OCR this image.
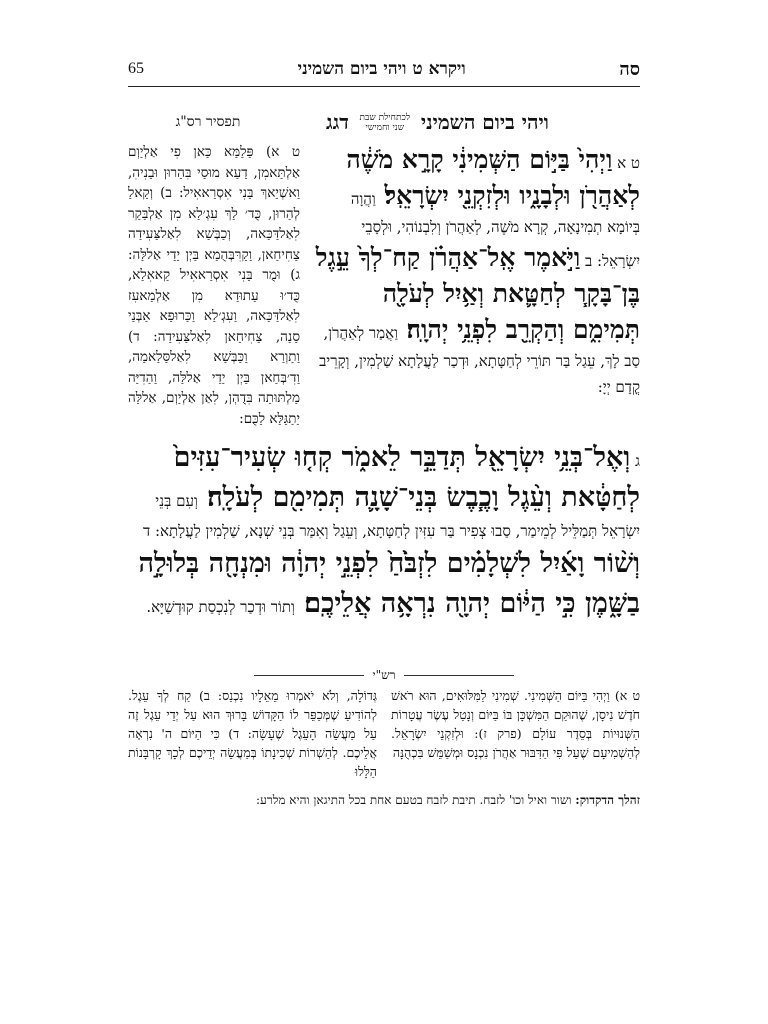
65	ויקרא ט ויהי ביום השמיני	סה
תפסיר רס"ג	דגג	לכתחילת שבת שני וחמישי ויהי ביום השמיני
ט א) פַּלַמַּא כַּאן פִי אַלְיַוְם אַלְתַּאמִן, דַעַא מוּסַי בִּהַרוּן וּבַנִיהִ, וַאשְׁיַאךְ בַּנִי אִסְרַאאִיל: ב) וְקַאלַ לְהַרוּן, כֻּד׳ לַךְ עִגְ׳לַא מִן אַלְבַּקַר לִאַלדַּכַּאה, וְכַבְּשַׁא לִאַלצַּעִידַה צַחִיחַאן, וַקַרִּבְּהֻמַא בַּיְן יַדַי אַללַּה: ג) וּמֻר בַּנִי אִסְרַאאִיל קַאאִלַא, כֻּד׳וּ עַתוּדַא מִן אַלְמַאעִז לִאַלדַּכַּאה, וַעִגְ׳לַא וַכַּרוּפַא אַבְּנַי סַנַה, צַחִיחַאן לִאַלצַּעִידַה: ד) וַתַוְרַא וַכַּבְּשַׁא לִאַלסַּלַאמַה, וַדִ׳בְּחַאן בַּיְן יַדַי אַללַּה, וַהַדִיַּה מַלְתּוּתַה בִּדֻהְן, לִאַן אַלְיַוְם, אַללַּה יַתַגַּלַּא לַכֻּם:
ט א וַיְהִי֙ בַּיּ֣וֹם הַשְּׁמִינִ֔י קָרָ֣א מֹשֶׁ֔ה לְאַהֲרֹ֖ן וּלְבָנָ֑יו וּלְזִקְנֵ֖י יִשְׂרָאֵֽל׃ וַהֲוָה בְּיוֹמָא תְמִינָאָה, קְרָא מֹשֶׁה, לְאַהֲרֹן וְלִבְנוֹהִי, וּלְסָבֵי יִשְׂרָאֵל: ב וַיֹּ֣אמֶר אֶֽל־אַהֲרֹ֗ן קַח־לְךָ֙ עֵ֣גֶל בֶּן־בָּקָ֧ר לְחַטָּ֛את וְאַ֥יִל לְעֹלָ֖ה תְּמִימִ֑ם וְהַקְרֵ֖ב לִפְנֵ֥י יְהוָֽה׃ וַאֲמַר לְאַהֲרֹן, סַב לָךְ, עֵגַל בַּר תּוֹרֵי לְחַטָּתָא, וּדְכַר לַעֲלָתָא שַׁלְמִין, וְקָרֵיב קֳדָם יְיָ:
ג וְאֶל־בְּנֵ֥י יִשְׂרָאֵ֖ל תְּדַבֵּ֣ר לֵאמֹ֑ר קְח֤וּ שְׂעִיר־עִזִּים֙ לְחַטָּ֔את וְעֵ֨גֶל וָכֶ֧בֶשׂ בְּנֵי־שָׁנָ֛ה תְּמִימִ֖ם לְעֹלָֽה׃ וְעִם בְּנֵי יִשְׂרָאֵל תְּמַלֵּיל לְמֵימַר, סַבוּ צְפִיר בַּר עִזִּין לְחַטָּתָא, וְעֵגַל וְאִמַּר בְּנֵי שְׁנָא, שַׁלְמִין לַעֲלָתָא: ד וְשׁ֨וֹר וָאַ֜יִל לִשְׁלָמִ֗ים לִזְבֹּ֙חַ֙ לִפְנֵ֣י יְהוָ֔ה וּמִנְחָ֖ה בְּלוּלָ֣ה בַשָּׁ֑מֶן כִּ֣י הַיּ֔וֹם יְהוָ֖ה נִרְאָ֥ה אֲלֵיכֶֽם׃ וְתוֹר וּדְכַר לְנִכְסַת קוּדְשַׁיָּא.
רש"י
גְּדוֹלָה, וְלֹא יֹאמְרוּ מֵאֵלָיו נִכְנַס: ב) קַח לְךָ עֵגֶל. לְהוֹדִיעַ שֶׁמְּכַפֵּר לוֹ הַקָּדוֹשׁ בָּרוּךְ הוּא עַל יְדֵי עֵגֶל זֶה עַל מַעֲשֵׂה הָעֵגֶל שֶׁעָשָׂה: ד) כִּי הַיּוֹם ה' נִרְאָה אֲלֵיכֶם. לְהַשְׁרוֹת שְׁכִינָתוֹ בְּמַעֲשֵׂה יְדֵיכֶם לְכָךְ קָרְבָּנוֹת הַלָּלוּ
ט א) וַיְהִי בַּיּוֹם הַשְּׁמִינִי. שְׁמִינִי לַמִּלּוּאִים, הוּא רֹאשׁ חֹדֶשׁ נִיסָן, שֶׁהוּקַם הַמִּשְׁכָּן בּוֹ בַּיּוֹם וְנָטַל עֶשֶׂר עֲטָרוֹת הַשְּׁנוּיוֹת בְּסֵדֶר עוֹלָם (פרק ז): וּלְזִקְנֵי יִשְׂרָאֵל. לְהַשְׁמִיעָם שֶׁעַל פִּי הַדִּבּוּר אַהֲרֹן נִכְנָס וּמְשַׁמֵּשׁ בִּכְהֻנָּה
זהלך הדקדוק: ושור ואיל וכו' לזבח. תיבת לזבח בטעם אחת בכל התיגאן והיא מלרע:
